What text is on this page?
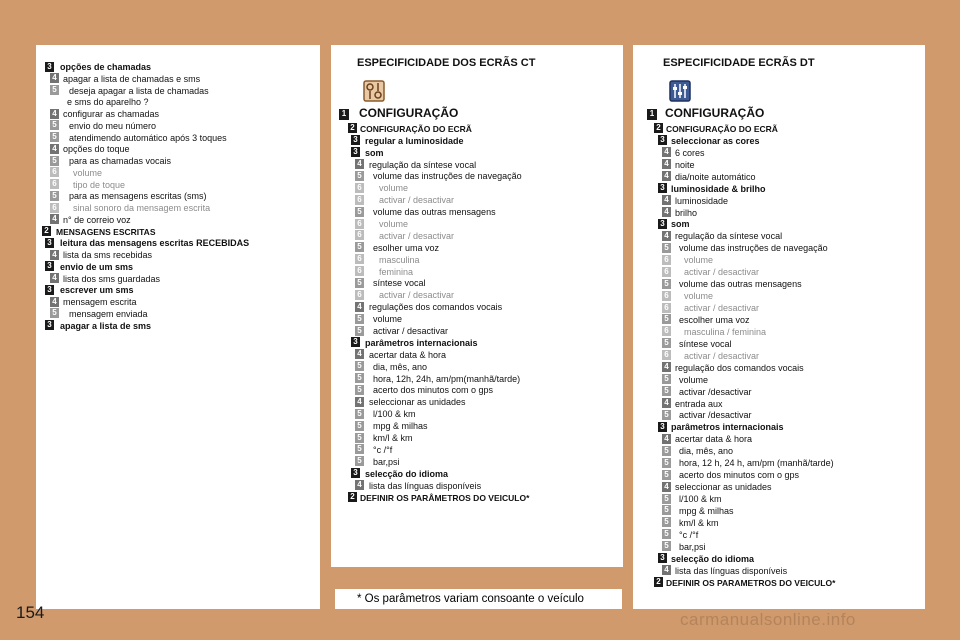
3 opções de chamadas
4 apagar a lista de chamadas e sms
5 deseja apagar a lista de chamadas
e sms do aparelho ?
4 configurar as chamadas
5 envio do meu número
5 atendimendo automático após 3 toques
4 opções do toque
5 para as chamadas vocais
6 volume
6 tipo de toque
5 para as mensagens escritas (sms)
6 sinal sonoro da mensagem escrita
4 n° de correio voz
2 MENSAGENS ESCRITAS
3 leitura das mensagens escritas RECEBIDAS
4 lista da sms recebidas
3 envio de um sms
4 lista dos sms guardadas
3 escrever um sms
4 mensagem escrita
5 mensagem enviada
3 apagar a lista de sms
ESPECIFICIDADE DOS ECRÃS CT
1 CONFIGURAÇÃO
2 CONFIGURAÇÃO DO ECRÃ
3 regular a luminosidade
3 som
4 regulação da síntese vocal
5 volume das instruções de navegação
6 volume
6 activar / desactivar
5 volume das outras mensagens
6 volume
6 activar / desactivar
5 esolher uma voz
6 masculina
6 feminina
5 síntese vocal
6 activar / desactivar
4 regulações dos comandos vocais
5 volume
5 activar / desactivar
3 parâmetros internacionais
4 acertar data & hora
5 dia, mês, ano
5 hora, 12h, 24h, am/pm(manhã/tarde)
5 acerto dos minutos com o gps
4 seleccionar as unidades
5 l/100 & km
5 mpg & milhas
5 km/l & km
5 °c /°f
5 bar,psi
3 selecção do idioma
4 lista das línguas disponíveis
2 DEFINIR OS PARÂMETROS DO VEICULO*
ESPECIFICIDADE ECRÃS DT
1 CONFIGURAÇÃO
2 CONFIGURAÇÃO DO ECRÃ
3 seleccionar as cores
4 6 cores
4 noite
4 dia/noite automático
3 luminosidade & brilho
4 luminosidade
4 brilho
3 som
4 regulação da síntese vocal
5 volume das instruções de navegação
6 volume
6 activar / desactivar
5 volume das outras mensagens
6 volume
6 activar / desactivar
5 escolher uma voz
6 masculina / feminina
5 síntese vocal
6 activar / desactivar
4 regulação dos comandos vocais
5 volume
5 activar /desactivar
4 entrada aux
5 activar /desactivar
3 parâmetros internacionais
4 acertar data & hora
5 dia, mês, ano
5 hora, 12 h, 24 h, am/pm (manhã/tarde)
5 acerto dos minutos com o gps
4 seleccionar as unidades
5 l/100 & km
5 mpg & milhas
5 km/l & km
5 °c /°f
5 bar,psi
3 selecção do idioma
4 lista das línguas disponíveis
2 DEFINIR OS PARAMETROS DO VEICULO*
* Os parâmetros variam consoante o veículo
154	carmanualsonline.info
